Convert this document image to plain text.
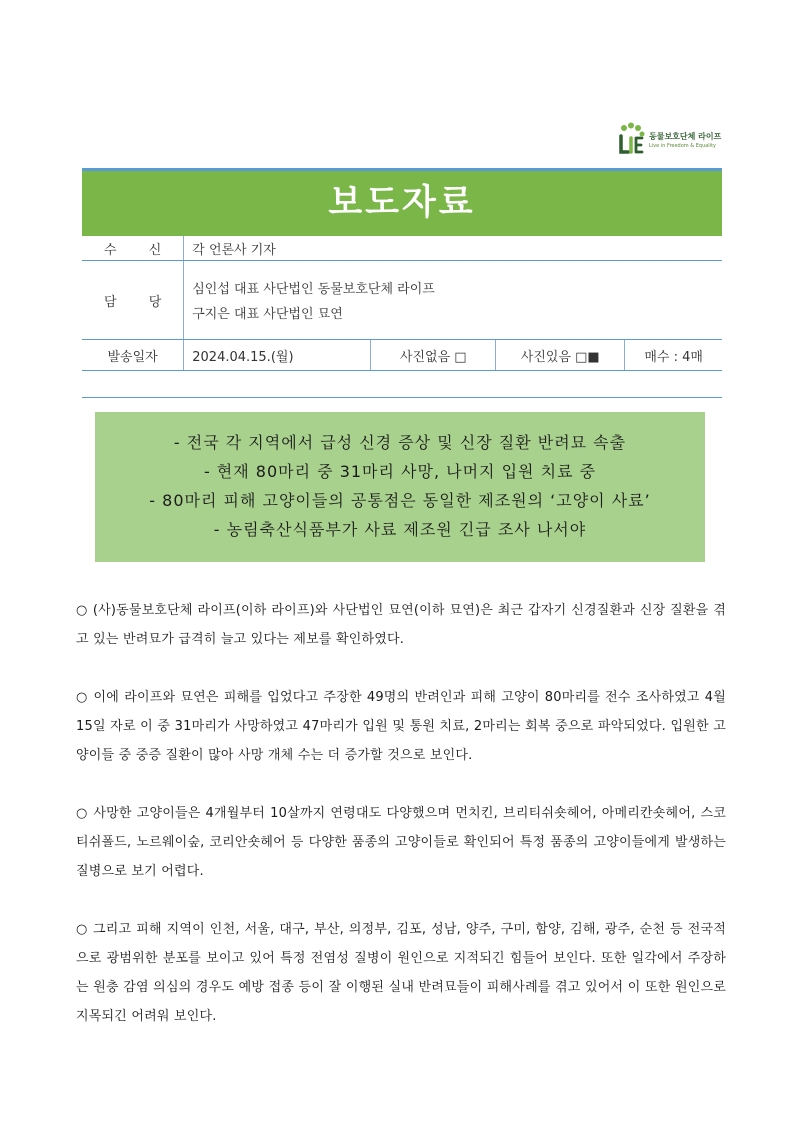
동물보호단체 라이프
Live in Freedom & Equality
보도자료
수 신	각 언론사 기자			
담 당	심인섭 대표 사단법인 동물보호단체 라이프
구지은 대표 사단법인 묘연			

발송일자	2024.04.15.(월)	사진없음 □	사진있음 □■	매수 : 4매

- 전국 각 지역에서 급성 신경 증상 및 신장 질환 반려묘 속출
- 현재 80마리 중 31마리 사망, 나머지 입원 치료 중
- 80마리 피해 고양이들의 공통점은 동일한 제조원의 ‘고양이 사료’
- 농림축산식품부가 사료 제조원 긴급 조사 나서야

○ (사)동물보호단체 라이프(이하 라이프)와 사단법인 묘연(이하 묘연)은 최근 갑자기 신경질환과 신장 질환을 겪고 있는 반려묘가 급격히 늘고 있다는 제보를 확인하였다.

○ 이에 라이프와 묘연은 피해를 입었다고 주장한 49명의 반려인과 피해 고양이 80마리를 전수 조사하였고 4월15일 자로 이 중 31마리가 사망하였고 47마리가 입원 및 통원 치료, 2마리는 회복 중으로 파악되었다. 입원한 고양이들 중 중증 질환이 많아 사망 개체 수는 더 증가할 것으로 보인다.

○ 사망한 고양이들은 4개월부터 10살까지 연령대도 다양했으며 먼치킨, 브리티쉬숏헤어, 아메리칸숏헤어, 스코티쉬폴드, 노르웨이숲, 코리안숏헤어 등 다양한 품종의 고양이들로 확인되어 특정 품종의 고양이들에게 발생하는 질병으로 보기 어렵다.

○ 그리고 피해 지역이 인천, 서울, 대구, 부산, 의정부, 김포, 성남, 양주, 구미, 함양, 김해, 광주, 순천 등 전국적으로 광범위한 분포를 보이고 있어 특정 전염성 질병이 원인으로 지적되긴 힘들어 보인다. 또한 일각에서 주장하는 원충 감염 의심의 경우도 예방 접종 등이 잘 이행된 실내 반려묘들이 피해사례를 겪고 있어서 이 또한 원인으로 지목되긴 어려워 보인다.
